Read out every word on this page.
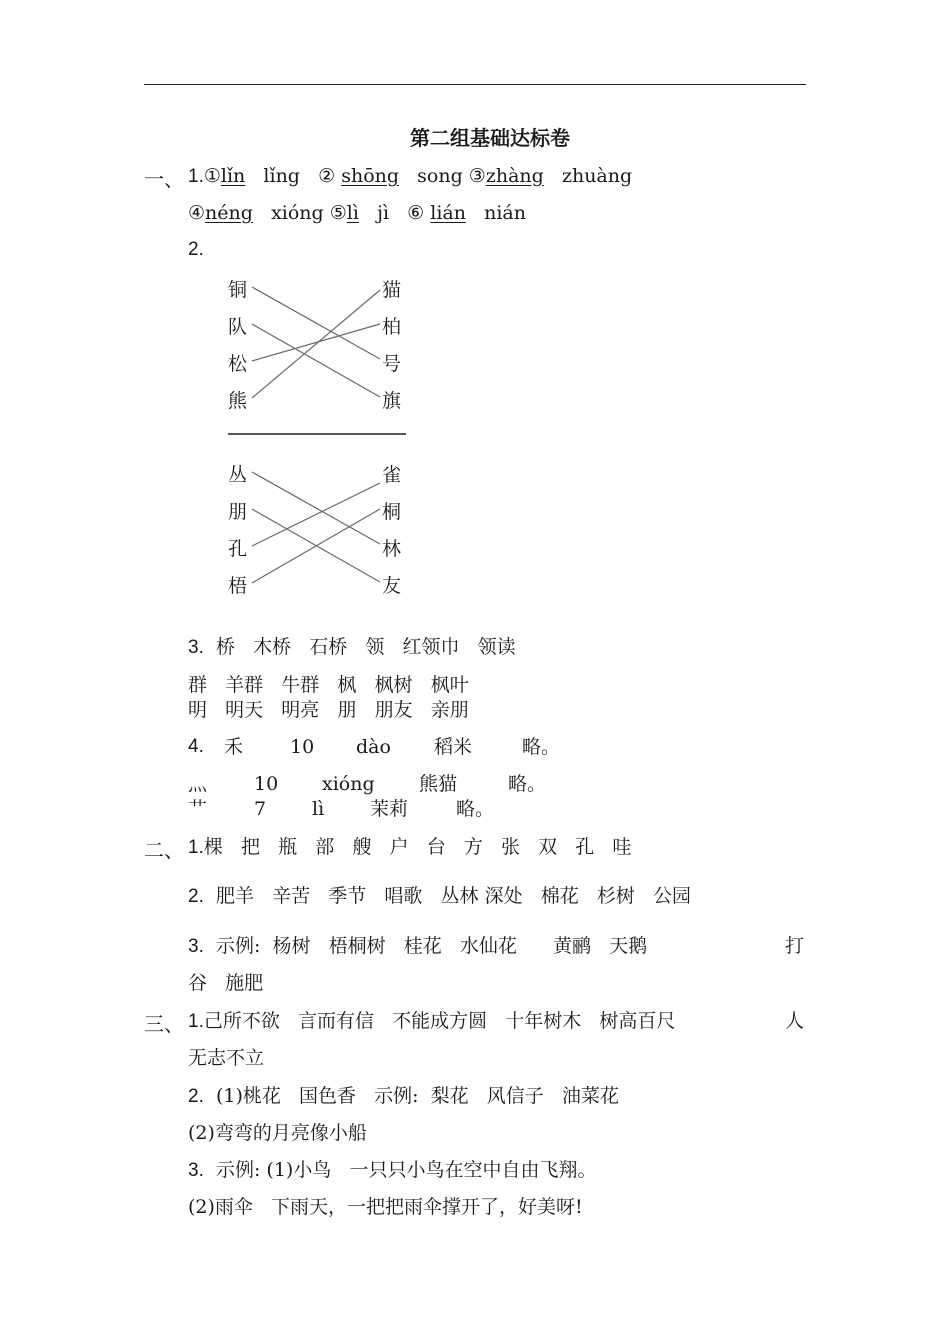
第二组基础达标卷
一、 1.①lǐn lǐng ② shōng song ③zhàng zhuàng
④néng xióng ⑤lì jì ⑥ lián nián
2.
铜
队
松
熊
猫
柏
号
旗
丛
朋
孔
梧
雀
桐
林
友
3. 桥 木桥 石桥 领 红领巾 领读
群 羊群 牛群 枫 枫树 枫叶
明 明天 明亮 朋 朋友 亲朋
4. 禾 10 dào 稻米	略。
灬 10 xióng 熊猫	略。
艹 7 lì 茉莉	略。
二、 1.棵 把 瓶 部 艘 户 台 方 张 双 孔 哇
2. 肥羊 辛苦 季节 唱歌 丛林 深处 棉花 杉树 公园
3. 示例: 杨树 梧桐树 桂花 水仙花 黄鹂 天鹅	打
谷 施肥
三、 1.己所不欲 言而有信 不能成方圆 十年树木 树高百尺	人
无志不立
2. (1)桃花 国色香 示例: 梨花 风信子 油菜花
(2)弯弯的月亮像小船
3. 示例: (1)小鸟 一只只小鸟在空中自由飞翔。
(2)雨伞 下雨天，一把把雨伞撑开了，好美呀!
